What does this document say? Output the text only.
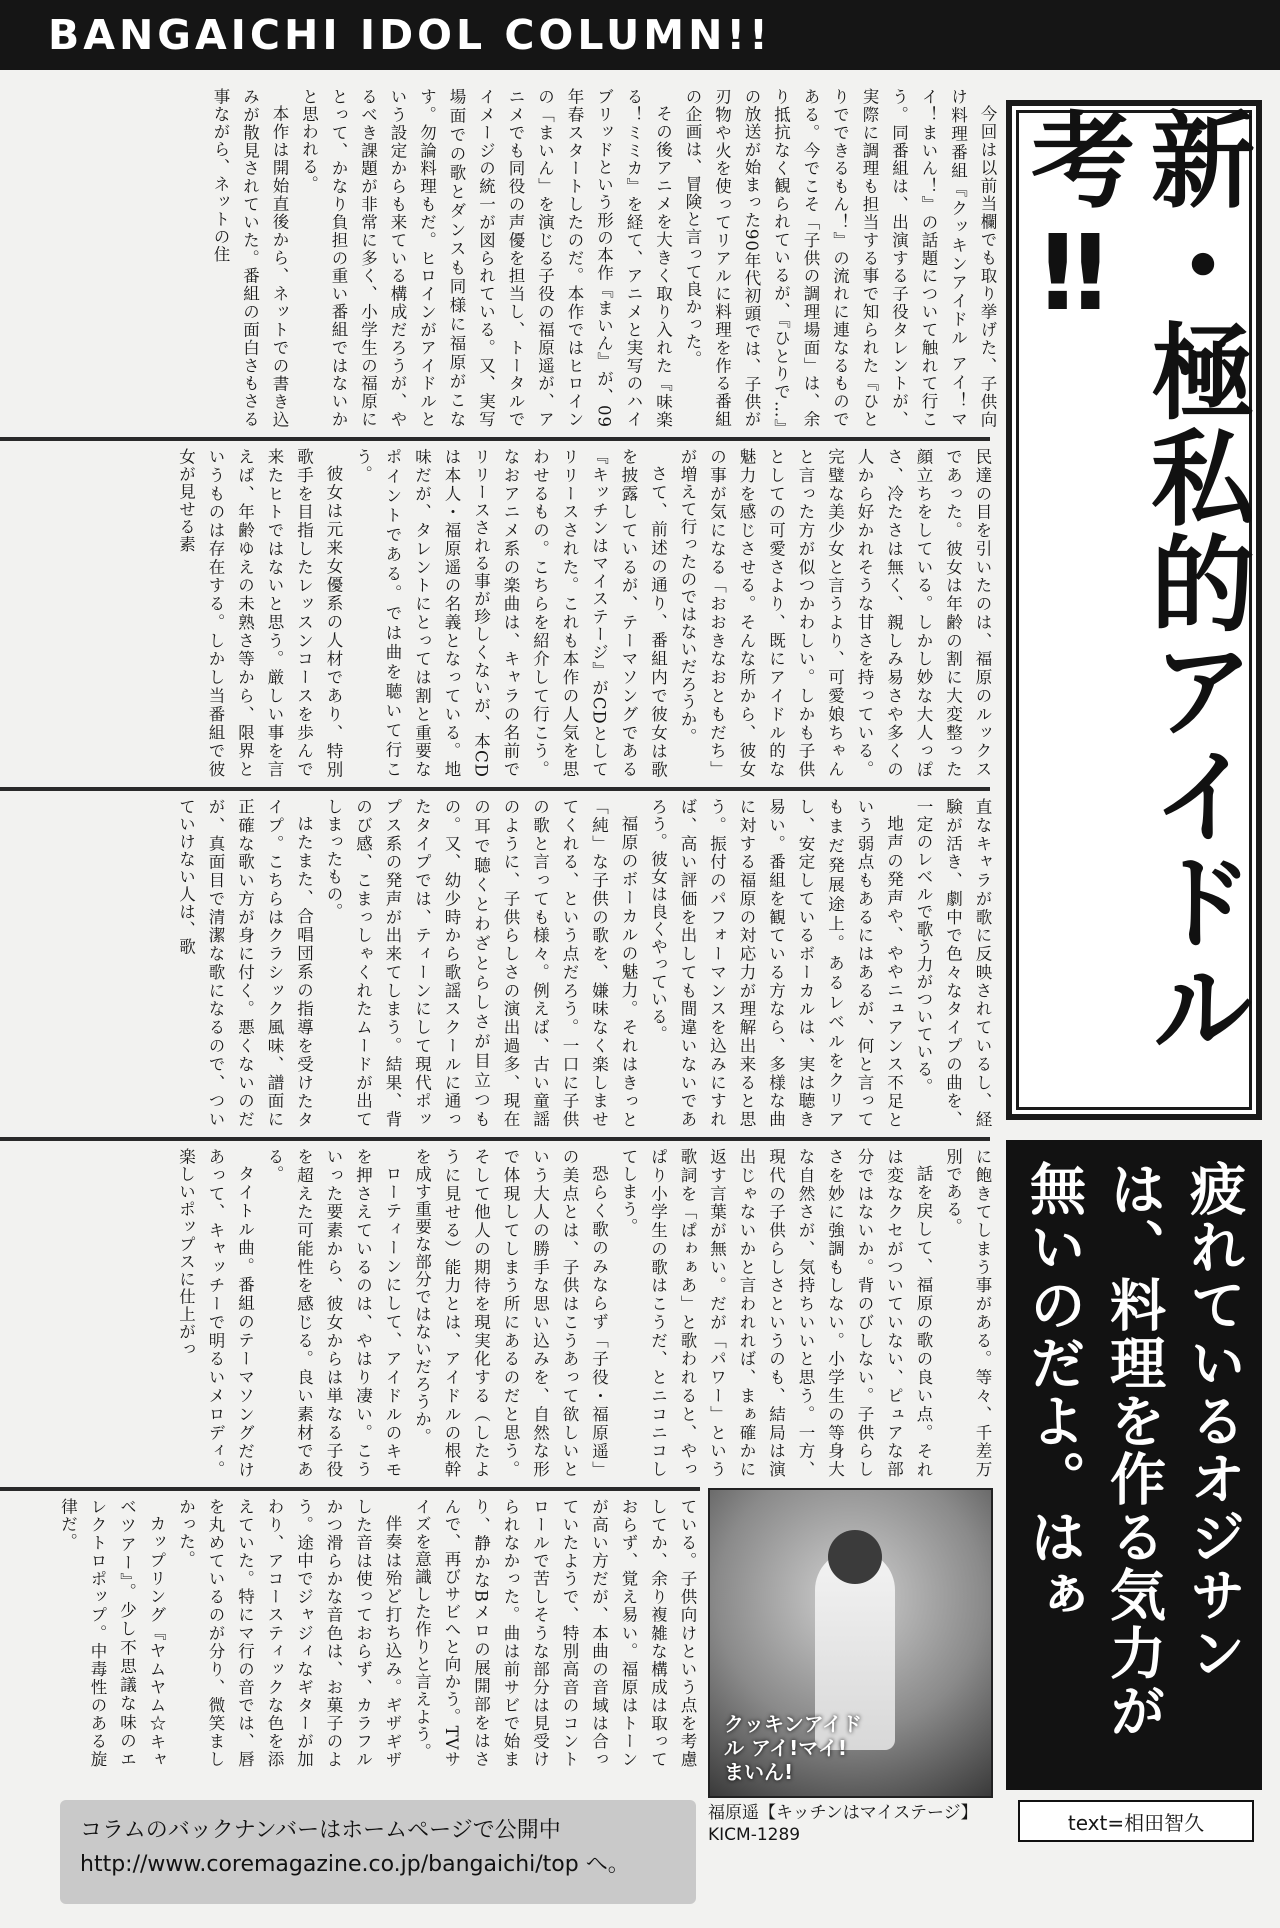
BANGAICHI IDOL COLUMN!!

今回は以前当欄でも取り挙げた、子供向け料理番組『クッキンアイドル アイ！マイ！まいん！』の話題について触れて行こう。同番組は、出演する子役タレントが、実際に調理も担当する事で知られた『ひとりでできるもん！』の流れに連なるものである。今でこそ「子供の調理場面」は、余り抵抗なく観られているが、『ひとりで…』の放送が始まった90年代初頭では、子供が刃物や火を使ってリアルに料理を作る番組の企画は、冒険と言って良かった。

その後アニメを大きく取り入れた『味楽る！ミミカ』を経て、アニメと実写のハイブリッドという形の本作『まいん』が、09年春スタートしたのだ。本作ではヒロインの「まいん」を演じる子役の福原遥が、アニメでも同役の声優を担当し、トータルでイメージの統一が図られている。又、実写場面での歌とダンスも同様に福原がこなす。勿論料理もだ。ヒロインがアイドルという設定からも来ている構成だろうが、やるべき課題が非常に多く、小学生の福原にとって、かなり負担の重い番組ではないかと思われる。

本作は開始直後から、ネットでの書き込みが散見されていた。番組の面白さもさる事ながら、ネットの住

民達の目を引いたのは、福原のルックスであった。彼女は年齢の割に大変整った顔立ちをしている。しかし妙な大人っぽさ、冷たさは無く、親しみ易さや多くの人から好かれそうな甘さを持っている。完璧な美少女と言うより、可愛娘ちゃんと言った方が似つかわしい。しかも子供としての可愛さより、既にアイドル的な魅力を感じさせる。そんな所から、彼女の事が気になる「おおきなおともだち」が増えて行ったのではないだろうか。

さて、前述の通り、番組内で彼女は歌を披露しているが、テーマソングである『キッチンはマイステージ』がCDとしてリリースされた。これも本作の人気を思わせるもの。こちらを紹介して行こう。なおアニメ系の楽曲は、キャラの名前でリリースされる事が珍しくないが、本CDは本人・福原遥の名義となっている。地味だが、タレントにとっては割と重要なポイントである。では曲を聴いて行こう。

彼女は元来女優系の人材であり、特別歌手を目指したレッスンコースを歩んで来たヒトではないと思う。厳しい事を言えば、年齢ゆえの未熟さ等から、限界というものは存在する。しかし当番組で彼女が見せる素

直なキャラが歌に反映されているし、経験が活き、劇中で色々なタイプの曲を、一定のレベルで歌う力がついている。

地声の発声や、ややニュアンス不足という弱点もあるにはあるが、何と言ってもまだ発展途上。あるレベルをクリアし、安定しているボーカルは、実は聴き易い。番組を観ている方なら、多様な曲に対する福原の対応力が理解出来ると思う。振付のパフォーマンスを込みにすれば、高い評価を出しても間違いないであろう。彼女は良くやっている。

福原のボーカルの魅力。それはきっと「純」な子供の歌を、嫌味なく楽しませてくれる、という点だろう。一口に子供の歌と言っても様々。例えば、古い童謡のように、子供らしさの演出過多、現在の耳で聴くとわざとらしさが目立つもの。又、幼少時から歌謡スクールに通ったタイプでは、ティーンにして現代ポップス系の発声が出来てしまう。結果、背のび感、こまっしゃくれたムードが出てしまったもの。

はたまた、合唱団系の指導を受けたタイプ。こちらはクラシック風味、譜面に正確な歌い方が身に付く。悪くないのだが、真面目で清潔な歌になるので、ついていけない人は、歌

に飽きてしまう事がある。等々、千差万別である。

話を戻して、福原の歌の良い点。それは変なクセがついていない、ピュアな部分ではないか。背のびしない。子供らしさを妙に強調もしない。小学生の等身大な自然さが、気持ちいいと思う。一方、現代の子供らしさというのも、結局は演出じゃないかと言われれば、まぁ確かに返す言葉が無い。だが「パワー」という歌詞を「ぱゎぁあ」と歌われると、やっぱり小学生の歌はこうだ、とニコニコしてしまう。

恐らく歌のみならず「子役・福原遥」の美点とは、子供はこうあって欲しいという大人の勝手な思い込みを、自然な形で体現してしまう所にあるのだと思う。そして他人の期待を現実化する（したように見せる）能力とは、アイドルの根幹を成す重要な部分ではないだろうか。

ローティーンにして、アイドルのキモを押さえているのは、やはり凄い。こういった要素から、彼女からは単なる子役を超えた可能性を感じる。良い素材である。

タイトル曲。番組のテーマソングだけあって、キャッチーで明るいメロディ。楽しいポップスに仕上がっ

ている。子供向けという点を考慮してか、余り複雑な構成は取っておらず、覚え易い。福原はトーンが高い方だが、本曲の音域は合っていたようで、特別高音のコントロールで苦しそうな部分は見受けられなかった。曲は前サビで始まり、静かなBメロの展開部をはさんで、再びサビへと向かう。TVサイズを意識した作りと言えよう。

伴奏は殆ど打ち込み。ギザギザした音は使っておらず、カラフルかつ滑らかな音色は、お菓子のよう。途中でジャジィなギターが加わり、アコースティックな色を添えていた。特にマ行の音では、唇を丸めているのが分り、微笑ましかった。

カップリング『ヤムヤム☆キャベツアー』。少し不思議な味のエレクトロポップ。中毒性のある旋律だ。

新・極私的アイドル考‼
疲れているオジサンは、料理を作る気力が無いのだよ。はぁ
text=相田智久
クッキンアイドル アイ!マイ!まいん!
福原遥【キッチンはマイステージ】
KICM-1289
コラムのバックナンバーはホームページで公開中
http://www.coremagazine.co.jp/bangaichi/top へ。
